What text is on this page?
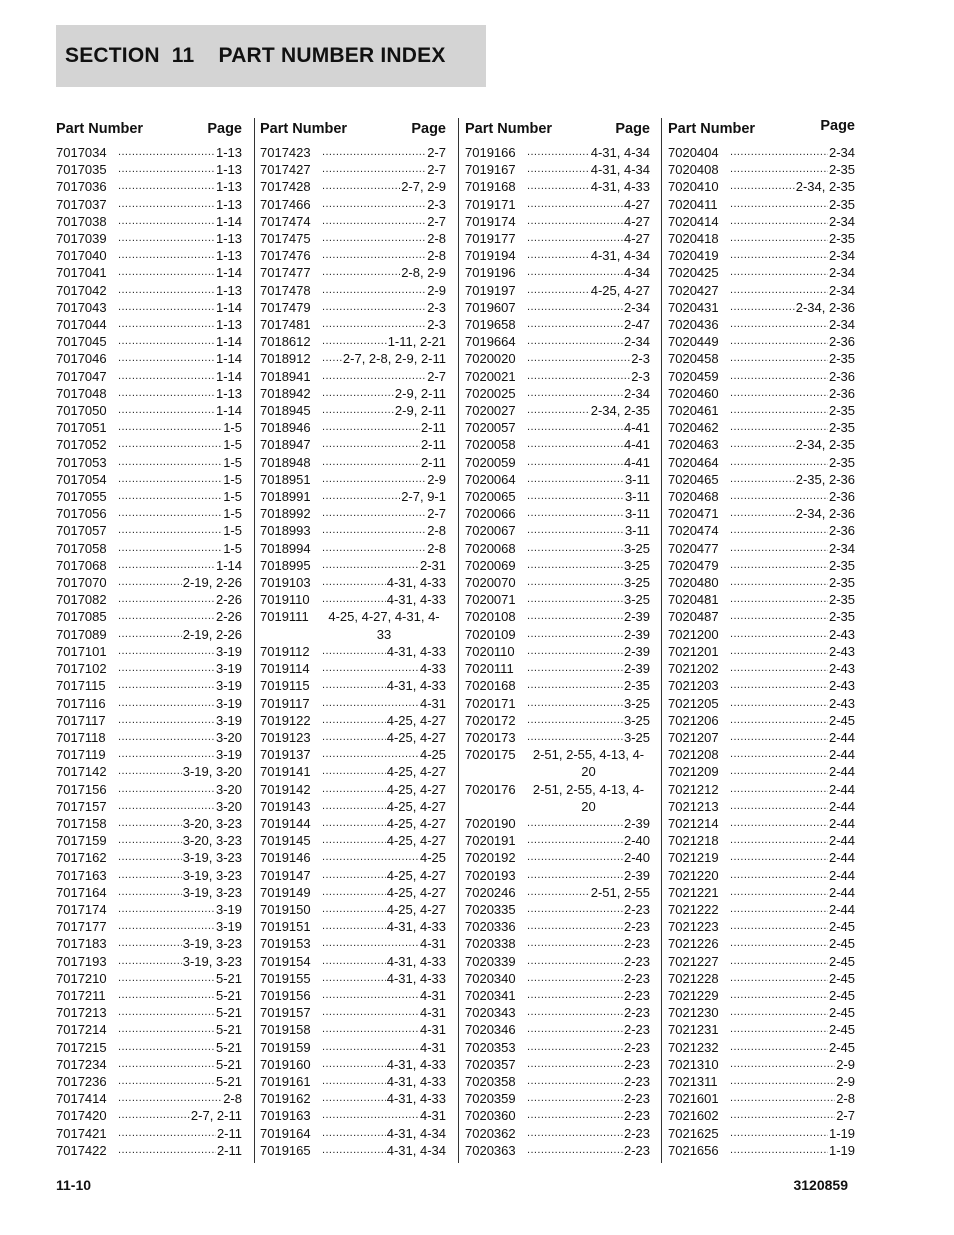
SECTION  11    PART NUMBER INDEX
Part Number	Page
7017034 .....	1-13
7017035 .....	1-13
7017036 .....	1-13
7017037 .....	1-13
7017038 .....	1-14
7017039 .....	1-13
7017040 .....	1-13
7017041 .....	1-14
7017042 .....	1-13
7017043 .....	1-14
7017044 .....	1-13
7017045 .....	1-14
7017046 .....	1-14
7017047 .....	1-14
7017048 .....	1-13
7017050 .....	1-14
7017051 .....	1-5
7017052 .....	1-5
7017053 .....	1-5
7017054 .....	1-5
7017055 .....	1-5
7017056 .....	1-5
7017057 .....	1-5
7017058 .....	1-5
7017068 .....	1-14
7017070 .....	2-19, 2-26
7017082 .....	2-26
7017085 .....	2-26
7017089 .....	2-19, 2-26
7017101 .....	3-19
7017102 .....	3-19
7017115 .....	3-19
7017116 .....	3-19
7017117 .....	3-19
7017118 .....	3-20
7017119 .....	3-19
7017142 .....	3-19, 3-20
7017156 .....	3-20
7017157 .....	3-20
7017158 .....	3-20, 3-23
7017159 .....	3-20, 3-23
7017162 .....	3-19, 3-23
7017163 .....	3-19, 3-23
7017164 .....	3-19, 3-23
7017174 .....	3-19
7017177 .....	3-19
7017183 .....	3-19, 3-23
7017193 .....	3-19, 3-23
7017210 .....	5-21
7017211 .....	5-21
7017213 .....	5-21
7017214 .....	5-21
7017215 .....	5-21
7017234 .....	5-21
7017236 .....	5-21
7017414 .....	2-8
7017420 .....	2-7, 2-11
7017421 .....	2-11
7017422 .....	2-11
Part Number	Page
7017423 .....	2-7
7017427 .....	2-7
7017428 .....	2-7, 2-9
7017466 .....	2-3
7017474 .....	2-7
7017475 .....	2-8
7017476 .....	2-8
7017477 .....	2-8, 2-9
7017478 .....	2-9
7017479 .....	2-3
7017481 .....	2-3
7018612 .....	1-11, 2-21
7018912 .....	2-7, 2-8, 2-9, 2-11
7018941 .....	2-7
7018942 .....	2-9, 2-11
7018945 .....	2-9, 2-11
7018946 .....	2-11
7018947 .....	2-11
7018948 .....	2-11
7018951 .....	2-9
7018991 .....	2-7, 9-1
7018992 .....	2-7
7018993 .....	2-8
7018994 .....	2-8
7018995 .....	2-31
7019103 .....	4-31, 4-33
7019110 .....	4-31, 4-33
7019111	4-25, 4-27, 4-31, 4-33
7019112 .....	4-31, 4-33
7019114 .....	4-33
7019115 .....	4-31, 4-33
7019117 .....	4-31
7019122 .....	4-25, 4-27
7019123 .....	4-25, 4-27
7019137 .....	4-25
7019141 .....	4-25, 4-27
7019142 .....	4-25, 4-27
7019143 .....	4-25, 4-27
7019144 .....	4-25, 4-27
7019145 .....	4-25, 4-27
7019146 .....	4-25
7019147 .....	4-25, 4-27
7019149 .....	4-25, 4-27
7019150 .....	4-25, 4-27
7019151 .....	4-31, 4-33
7019153 .....	4-31
7019154 .....	4-31, 4-33
7019155 .....	4-31, 4-33
7019156 .....	4-31
7019157 .....	4-31
7019158 .....	4-31
7019159 .....	4-31
7019160 .....	4-31, 4-33
7019161 .....	4-31, 4-33
7019162 .....	4-31, 4-33
7019163 .....	4-31
7019164 .....	4-31, 4-34
7019165 .....	4-31, 4-34
Part Number	Page
7019166 .....	4-31, 4-34
7019167 .....	4-31, 4-34
7019168 .....	4-31, 4-33
7019171 .....	4-27
7019174 .....	4-27
7019177 .....	4-27
7019194 .....	4-31, 4-34
7019196 .....	4-34
7019197 .....	4-25, 4-27
7019607 .....	2-34
7019658 .....	2-47
7019664 .....	2-34
7020020 .....	2-3
7020021 .....	2-3
7020025 .....	2-34
7020027 .....	2-34, 2-35
7020057 .....	4-41
7020058 .....	4-41
7020059 .....	4-41
7020064 .....	3-11
7020065 .....	3-11
7020066 .....	3-11
7020067 .....	3-11
7020068 .....	3-25
7020069 .....	3-25
7020070 .....	3-25
7020071 .....	3-25
7020108 .....	2-39
7020109 .....	2-39
7020110 .....	2-39
7020111 .....	2-39
7020168 .....	2-35
7020171 .....	3-25
7020172 .....	3-25
7020173 .....	3-25
7020175	2-51, 2-55, 4-13, 4-20
7020176	2-51, 2-55, 4-13, 4-20
7020190 .....	2-39
7020191 .....	2-40
7020192 .....	2-40
7020193 .....	2-39
7020246 .....	2-51, 2-55
7020335 .....	2-23
7020336 .....	2-23
7020338 .....	2-23
7020339 .....	2-23
7020340 .....	2-23
7020341 .....	2-23
7020343 .....	2-23
7020346 .....	2-23
7020353 .....	2-23
7020357 .....	2-23
7020358 .....	2-23
7020359 .....	2-23
7020360 .....	2-23
7020362 .....	2-23
7020363 .....	2-23
Part Number	Page
7020404 .....	2-34
7020408 .....	2-35
7020410 .....	2-34, 2-35
7020411 .....	2-35
7020414 .....	2-34
7020418 .....	2-35
7020419 .....	2-34
7020425 .....	2-34
7020427 .....	2-34
7020431 .....	2-34, 2-36
7020436 .....	2-34
7020449 .....	2-36
7020458 .....	2-35
7020459 .....	2-36
7020460 .....	2-36
7020461 .....	2-35
7020462 .....	2-35
7020463 .....	2-34, 2-35
7020464 .....	2-35
7020465 .....	2-35, 2-36
7020468 .....	2-36
7020471 .....	2-34, 2-36
7020474 .....	2-36
7020477 .....	2-34
7020479 .....	2-35
7020480 .....	2-35
7020481 .....	2-35
7020487 .....	2-35
7021200 .....	2-43
7021201 .....	2-43
7021202 .....	2-43
7021203 .....	2-43
7021205 .....	2-43
7021206 .....	2-45
7021207 .....	2-44
7021208 .....	2-44
7021209 .....	2-44
7021212 .....	2-44
7021213 .....	2-44
7021214 .....	2-44
7021218 .....	2-44
7021219 .....	2-44
7021220 .....	2-44
7021221 .....	2-44
7021222 .....	2-44
7021223 .....	2-45
7021226 .....	2-45
7021227 .....	2-45
7021228 .....	2-45
7021229 .....	2-45
7021230 .....	2-45
7021231 .....	2-45
7021232 .....	2-45
7021310 .....	2-9
7021311 .....	2-9
7021601 .....	2-8
7021602 .....	2-7
7021625 .....	1-19
7021656 .....	1-19
11-10	3120859
